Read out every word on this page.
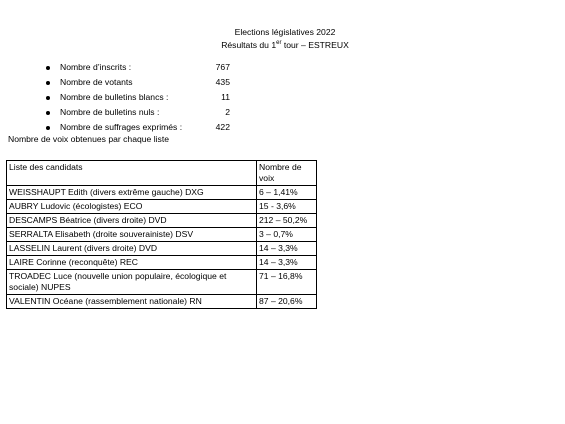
Elections législatives 2022
Résultats du 1er tour – ESTREUX
Nombre d’inscrits :	767
Nombre de votants	435
Nombre de bulletins blancs :	11
Nombre de bulletins nuls :	2
Nombre de suffrages exprimés :	422
Nombre de voix obtenues par chaque liste
Liste des candidats	Nombre de voix
WEISSHAUPT Edith (divers extrême gauche) DXG	6 – 1,41%
AUBRY Ludovic (écologistes) ECO	15 - 3,6%
DESCAMPS Béatrice (divers droite) DVD	212 – 50,2%
SERRALTA Elisabeth (droite souverainiste) DSV	3 – 0,7%
LASSELIN Laurent (divers droite) DVD	14 – 3,3%
LAIRE Corinne (reconquête) REC	14 – 3,3%
TROADEC Luce (nouvelle union populaire, écologique et sociale) NUPES	71 – 16,8%
VALENTIN Océane (rassemblement nationale) RN	87 – 20,6%
